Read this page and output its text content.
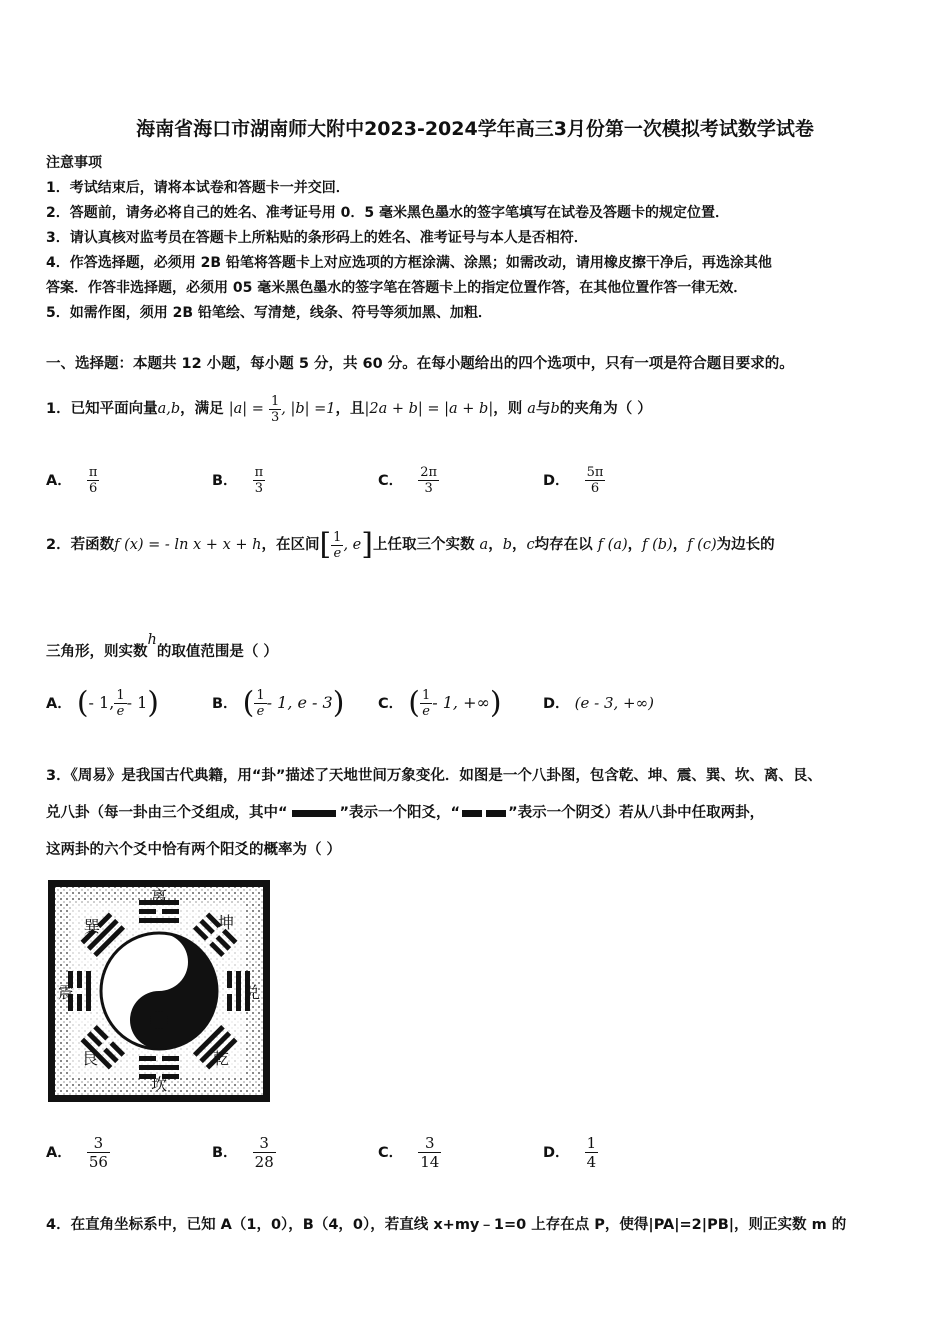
海南省海口市湖南师大附中2023-2024学年高三3月份第一次模拟考试数学试卷
注意事项
1．考试结束后，请将本试卷和答题卡一并交回．
2．答题前，请务必将自己的姓名、准考证号用 0．5 毫米黑色墨水的签字笔填写在试卷及答题卡的规定位置．
3．请认真核对监考员在答题卡上所粘贴的条形码上的姓名、准考证号与本人是否相符．
4．作答选择题，必须用 2B 铅笔将答题卡上对应选项的方框涂满、涂黑；如需改动，请用橡皮擦干净后，再选涂其他
答案．作答非选择题，必须用 05 毫米黑色墨水的签字笔在答题卡上的指定位置作答，在其他位置作答一律无效．
5．如需作图，须用 2B 铅笔绘、写清楚，线条、符号等须加黑、加粗．
一、选择题：本题共 12 小题，每小题 5 分，共 60 分。在每小题给出的四个选项中，只有一项是符合题目要求的。
1．已知平面向量a,b，满足 $|a| = \frac{1}{3}$ , |b| =1，且|2a + b| = |a + b|，则 a与b的夹角为（ ）
A． $\frac{\pi}{6}$	B． $\frac{\pi}{3}$	C． $\frac{2\pi}{3}$	D． $\frac{5\pi}{6}$
2．若函数f (x) = - ln x + x + h，在区间[ $\frac{1}{e}$ , e]上任取三个实数 a，b，c均存在以 f (a)，f (b)，f (c)为边长的
三角形，则实数h的取值范围是（ ）
A． (- 1, $\frac{1}{e} - 1$)	B． ( $\frac{1}{e} - 1$, e - 3) C． ( $\frac{1}{e} - 1$, +∞)	D． (e - 3, +∞)
3．《周易》是我国古代典籍，用“卦”描述了天地世间万象变化．如图是一个八卦图，包含乾、坤、震、巽、坎、离、艮、
兑八卦（每一卦由三个爻组成，其中“	”表示一个阳爻，“	”表示一个阴爻）若从八卦中任取两卦，
这两卦的六个爻中恰有两个阳爻的概率为（ ）
离
坤
兑
乾
坎
艮
震
巽
A． $\frac{3}{56}$	B． $\frac{3}{28}$	C． $\frac{3}{14}$	D． $\frac{1}{4}$
4．在直角坐标系中，已知 A（1，0），B（4，0），若直线 x+my﹣1=0 上存在点 P，使得|PA|=2|PB|，则正实数 m 的
